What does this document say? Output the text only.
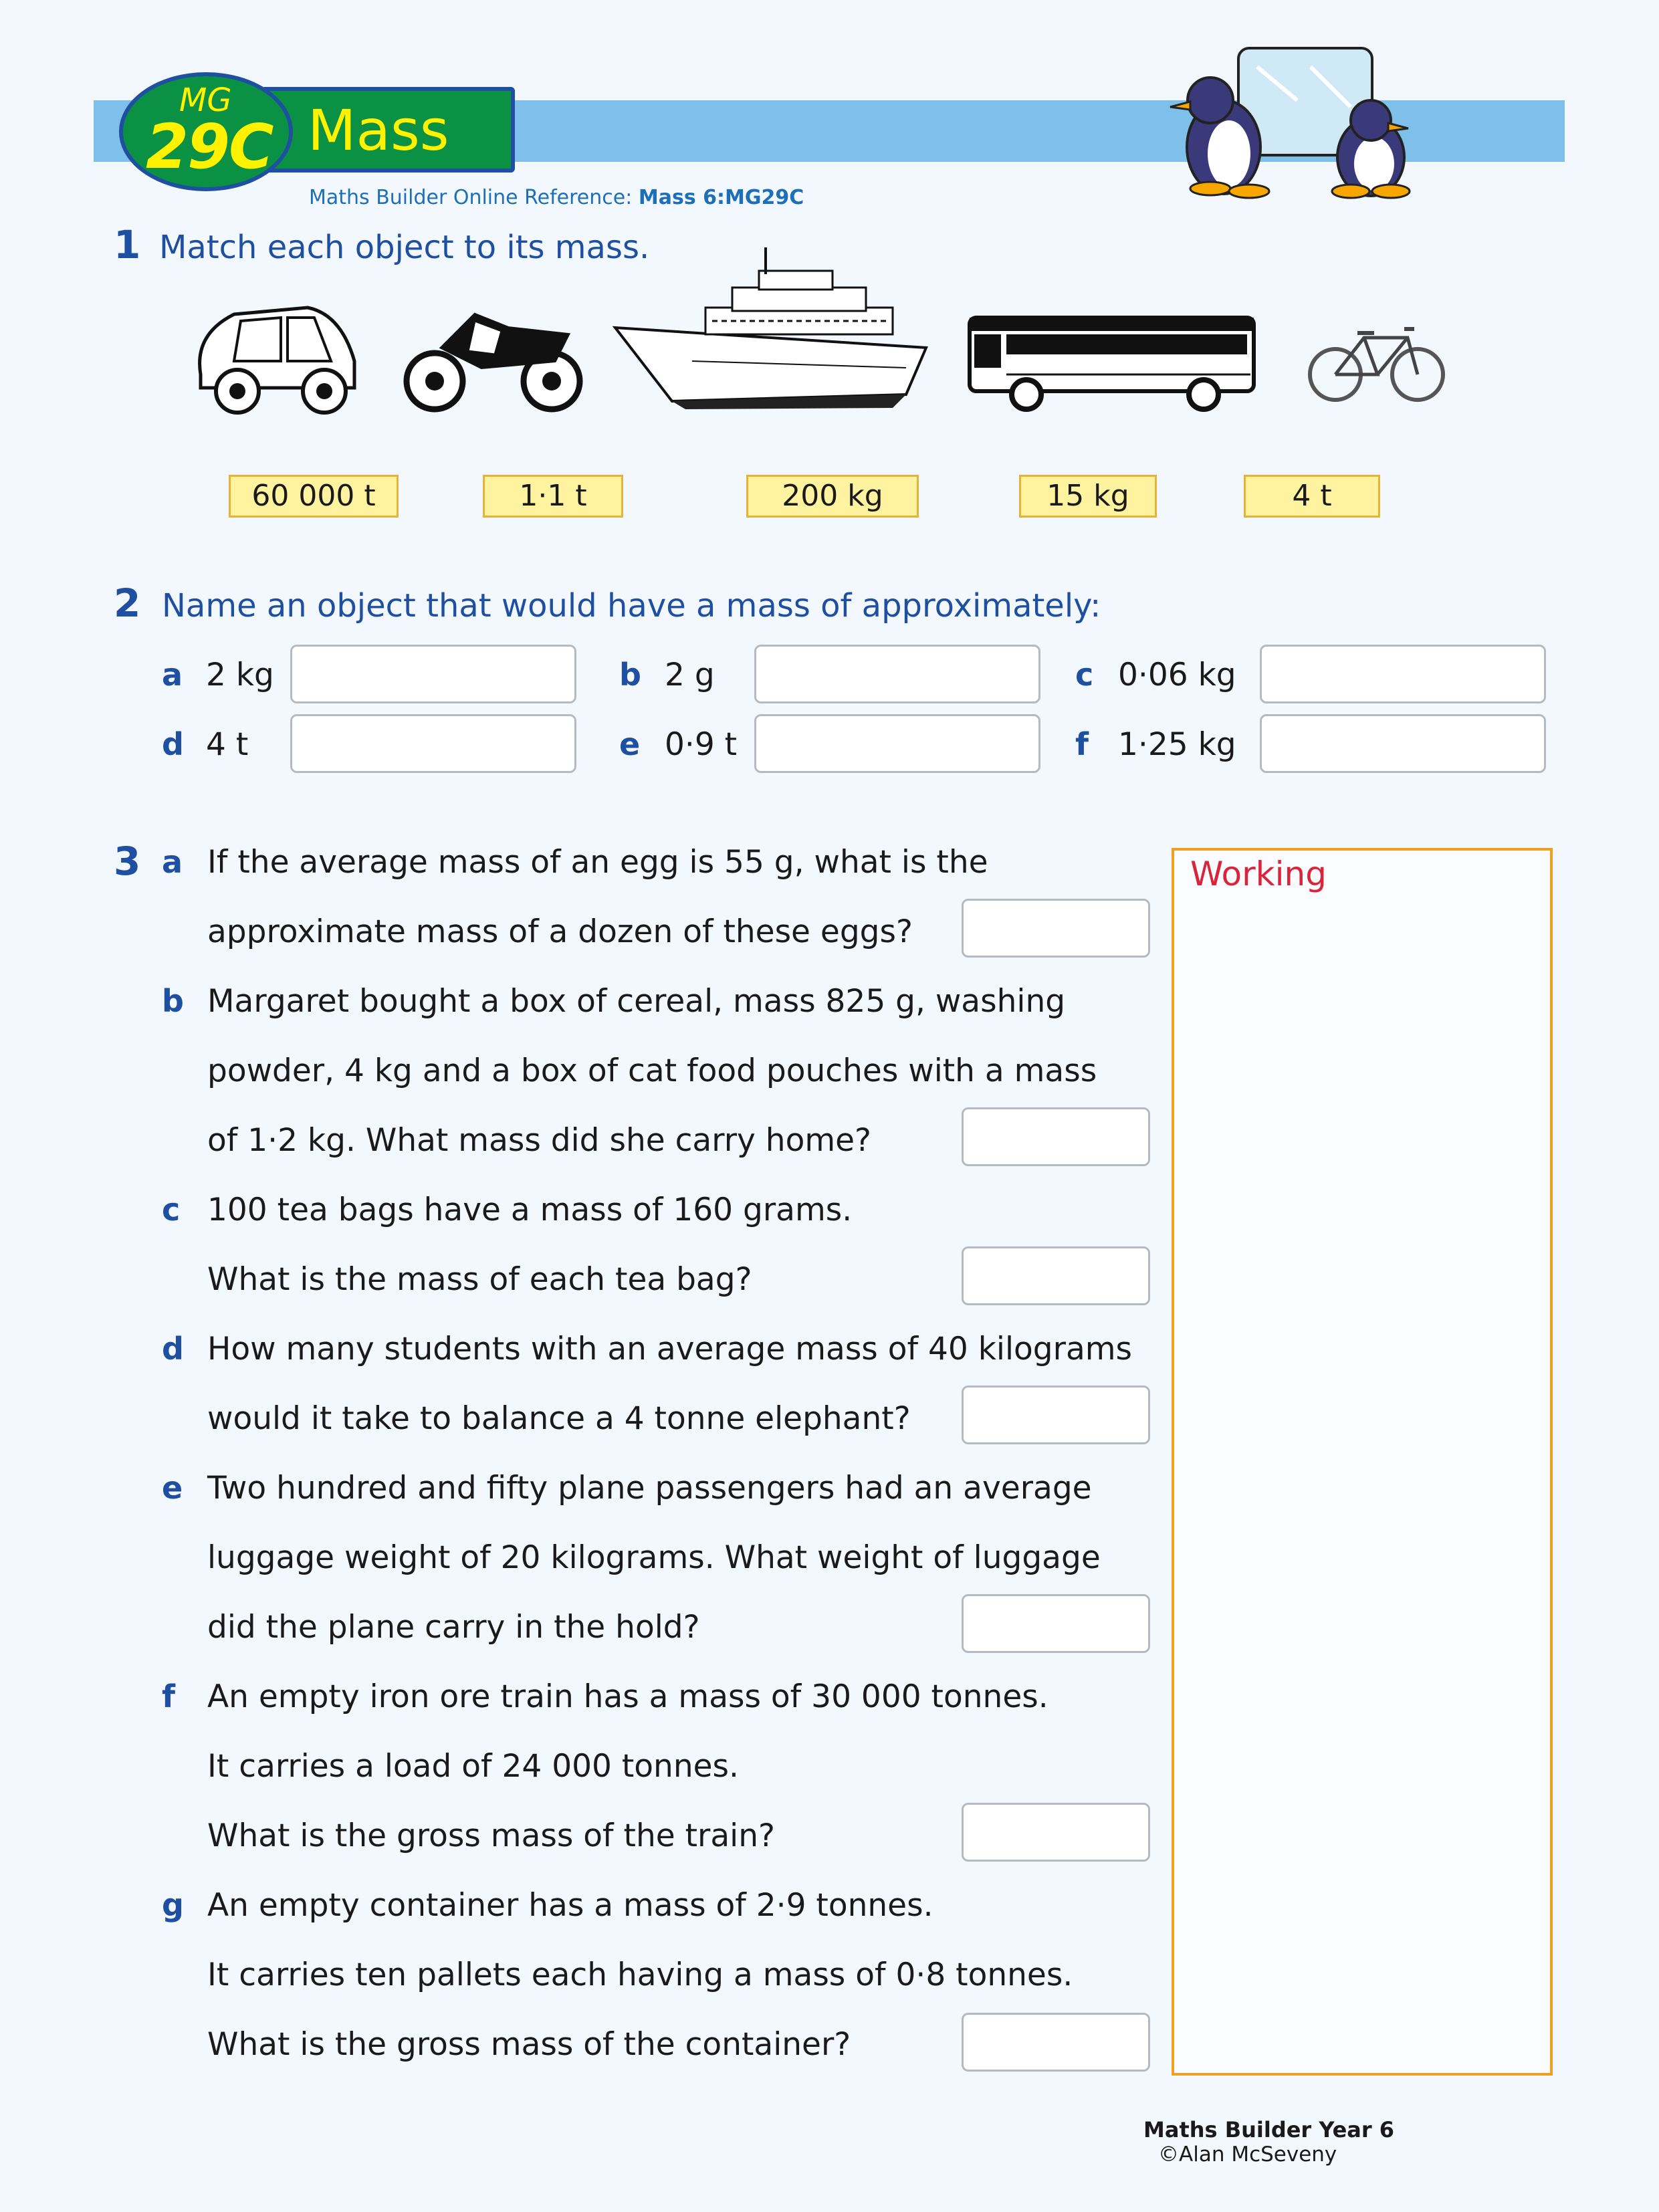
Mass
MG
29C
Maths Builder Online Reference: Mass 6:MG29C
1 Match each object to its mass.
60 000 t	1·1 t	200 kg	15 kg	4 t
2 Name an object that would have a mass of approximately:
a 2 kg	b 2 g	c 0·06 kg
d 4 t	e 0·9 t	f 1·25 kg
3	Working
a If the average mass of an egg is 55 g, what is the
approximate mass of a dozen of these eggs?
b Margaret bought a box of cereal, mass 825 g, washing
powder, 4 kg and a box of cat food pouches with a mass
of 1·2 kg. What mass did she carry home?
c 100 tea bags have a mass of 160 grams.
What is the mass of each tea bag?
d How many students with an average mass of 40 kilograms
would it take to balance a 4 tonne elephant?
e Two hundred and fifty plane passengers had an average
luggage weight of 20 kilograms. What weight of luggage
did the plane carry in the hold?
f An empty iron ore train has a mass of 30 000 tonnes.
It carries a load of 24 000 tonnes.
What is the gross mass of the train?
g An empty container has a mass of 2·9 tonnes.
It carries ten pallets each having a mass of 0·8 tonnes.
What is the gross mass of the container?
Maths Builder Year 6
©Alan McSeveny
